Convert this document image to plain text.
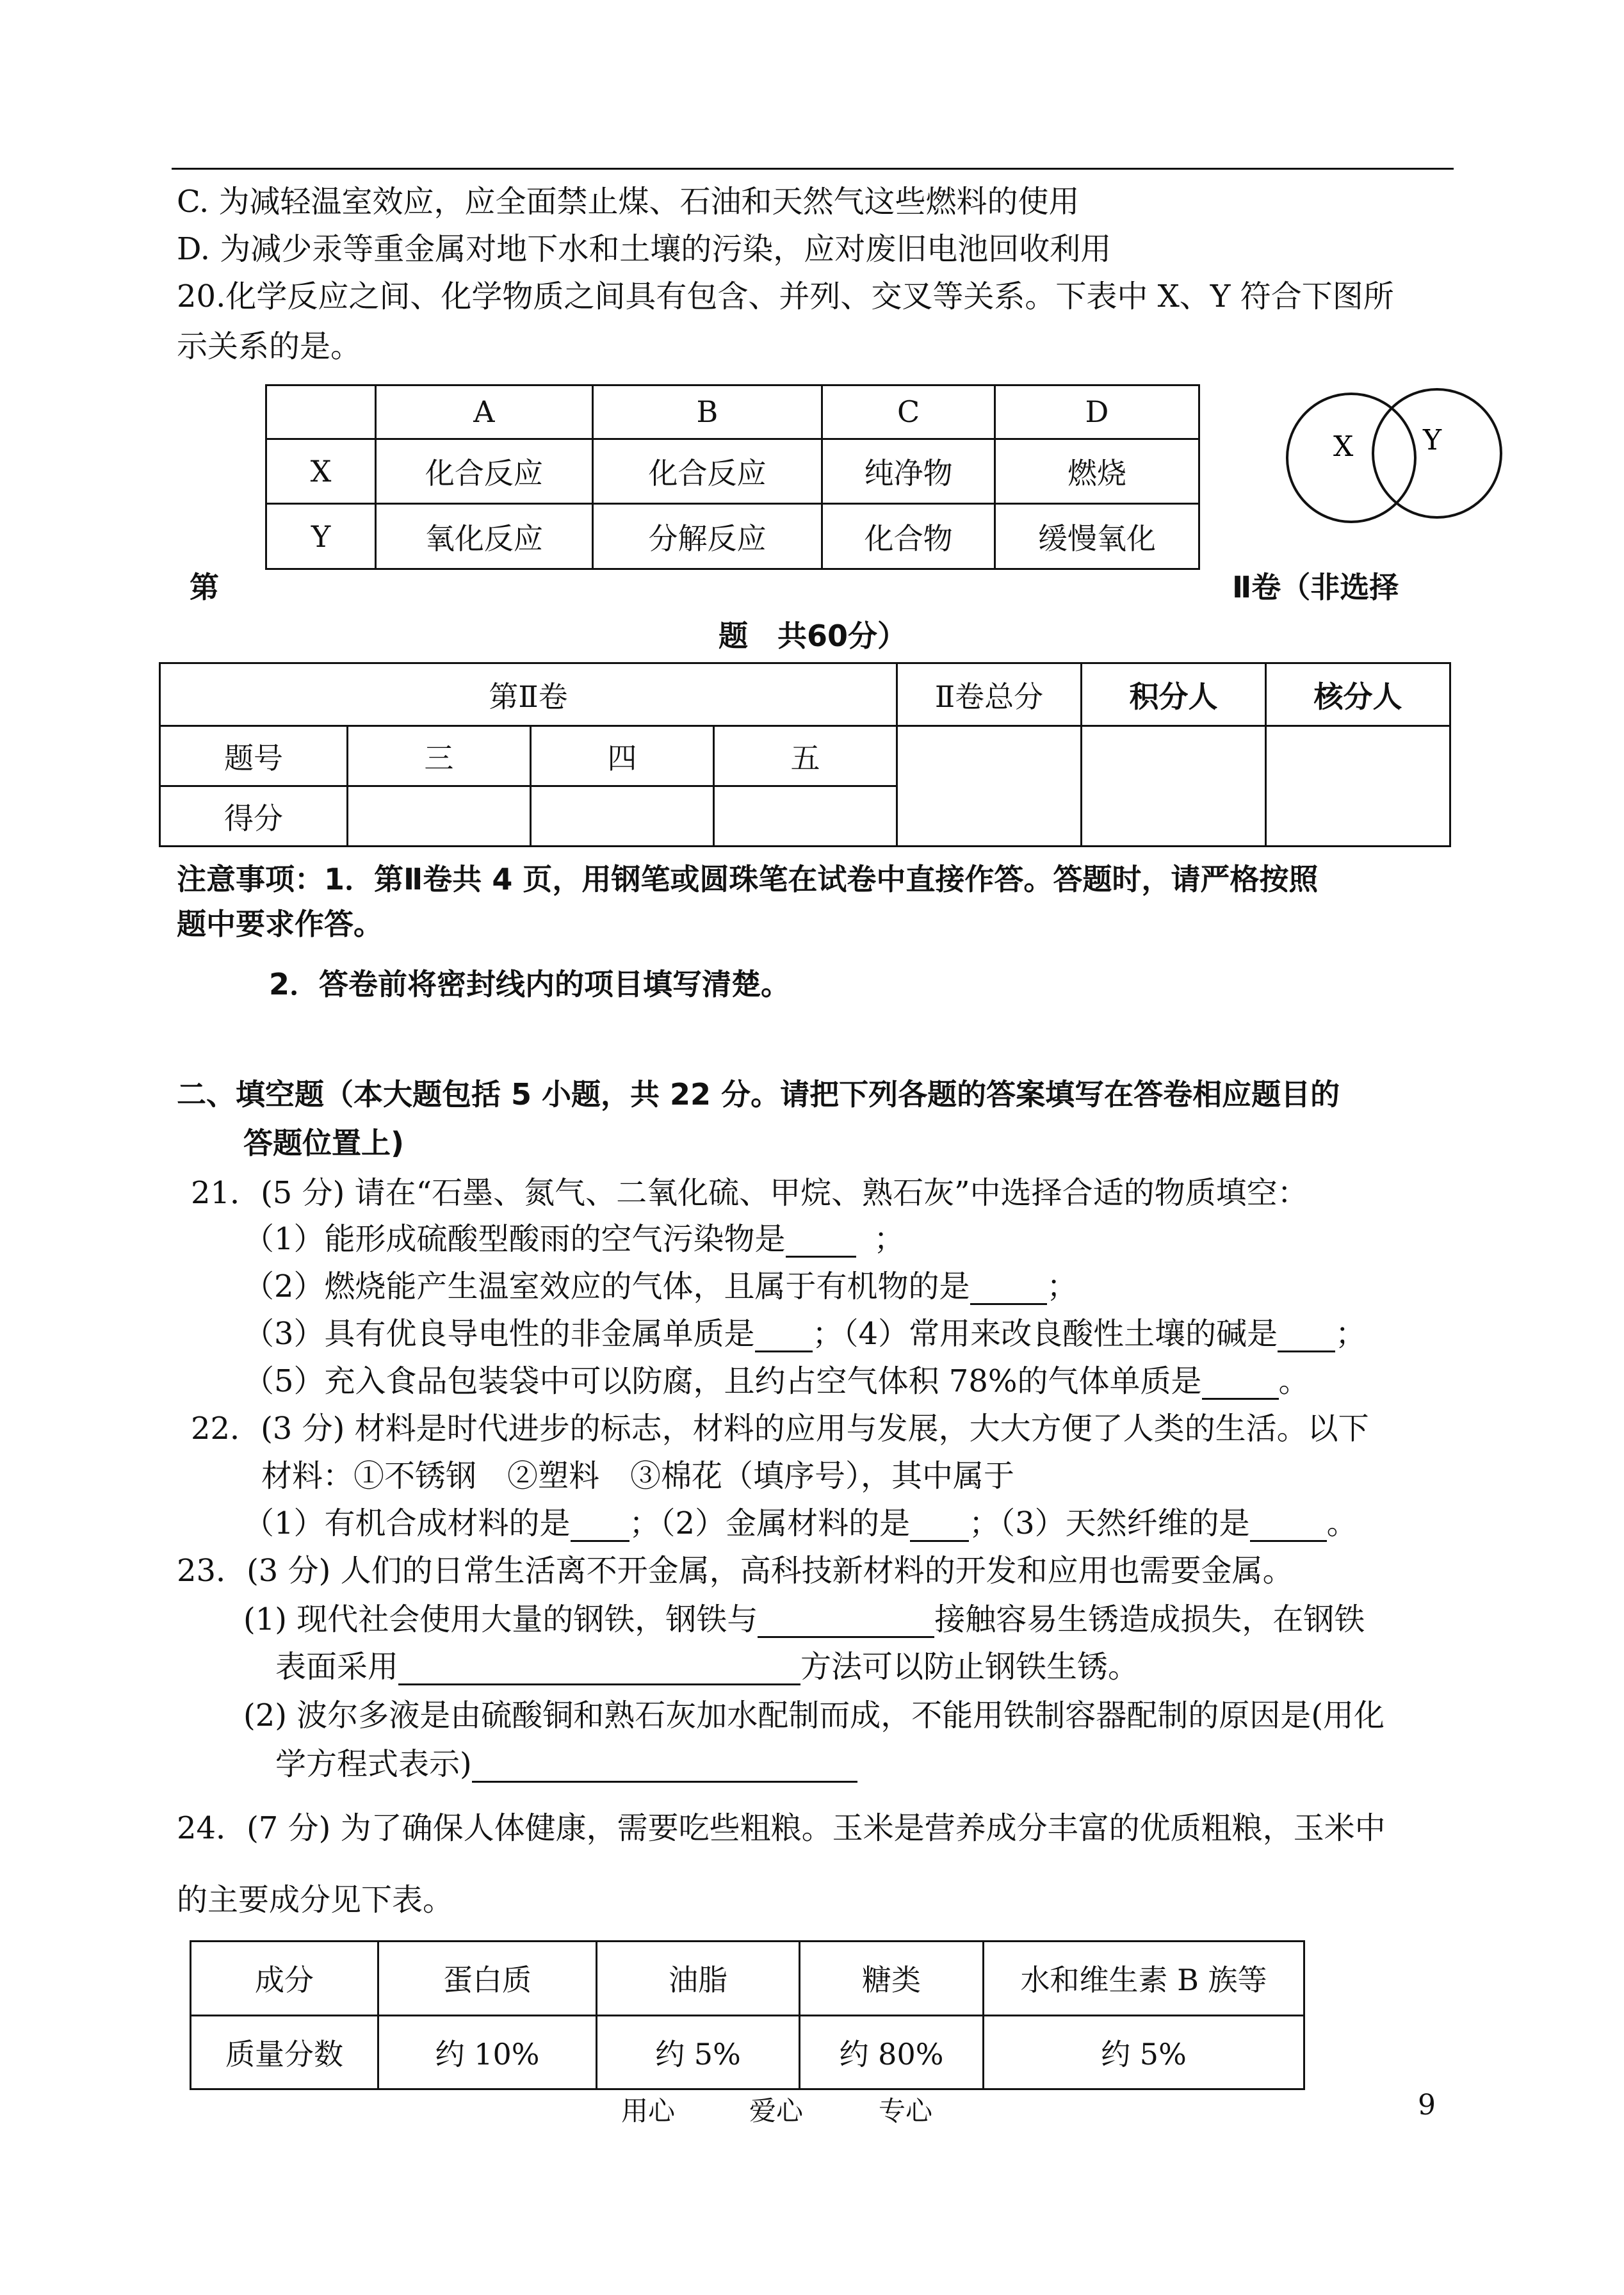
C. 为减轻温室效应，应全面禁止煤、石油和天然气这些燃料的使用
D. 为减少汞等重金属对地下水和土壤的污染，应对废旧电池回收利用
20.化学反应之间、化学物质之间具有包含、并列、交叉等关系。下表中 X、Y 符合下图所
示关系的是。
	A	B	C	D
X	化合反应	化合反应	纯净物	燃烧
Y	氧化反应	分解反应	化合物	缓慢氧化
X Y
第	Ⅱ卷（非选择
题　共60分）
第Ⅱ卷				Ⅱ卷总分	积分人	核分人
题号	三	四	五			
得分						
注意事项：1．第Ⅱ卷共 4 页，用钢笔或圆珠笔在试卷中直接作答。答题时，请严格按照
题中要求作答。
2．答卷前将密封线内的项目填写清楚。
二、填空题（本大题包括 5 小题，共 22 分。请把下列各题的答案填写在答卷相应题目的
答题位置上)
21．(5 分) 请在“石墨、氮气、二氧化硫、甲烷、熟石灰”中选择合适的物质填空：
（1）能形成硫酸型酸雨的空气污染物是	；
（2）燃烧能产生温室效应的气体，且属于有机物的是	；
（3）具有优良导电性的非金属单质是 ；（4）常用来改良酸性土壤的碱是 ；
（5）充入食品包装袋中可以防腐，且约占空气体积 78%的气体单质是	。
22．(3 分) 材料是时代进步的标志，材料的应用与发展，大大方便了人类的生活。以下
材料：①不锈钢　②塑料　③棉花（填序号），其中属于
（1）有机合成材料的是 ；（2）金属材料的是 ；（3）天然纤维的是	。
23．(3 分) 人们的日常生活离不开金属，高科技新材料的开发和应用也需要金属。
(1) 现代社会使用大量的钢铁，钢铁与	接触容易生锈造成损失，在钢铁
表面采用	方法可以防止钢铁生锈。
(2) 波尔多液是由硫酸铜和熟石灰加水配制而成，不能用铁制容器配制的原因是(用化
学方程式表示)
24．(7 分) 为了确保人体健康，需要吃些粗粮。玉米是营养成分丰富的优质粗粮，玉米中
的主要成分见下表。
成分	蛋白质	油脂	糖类	水和维生素 B 族等
质量分数	约 10%	约 5%	约 80%	约 5%
用心	爱心	专心	9
